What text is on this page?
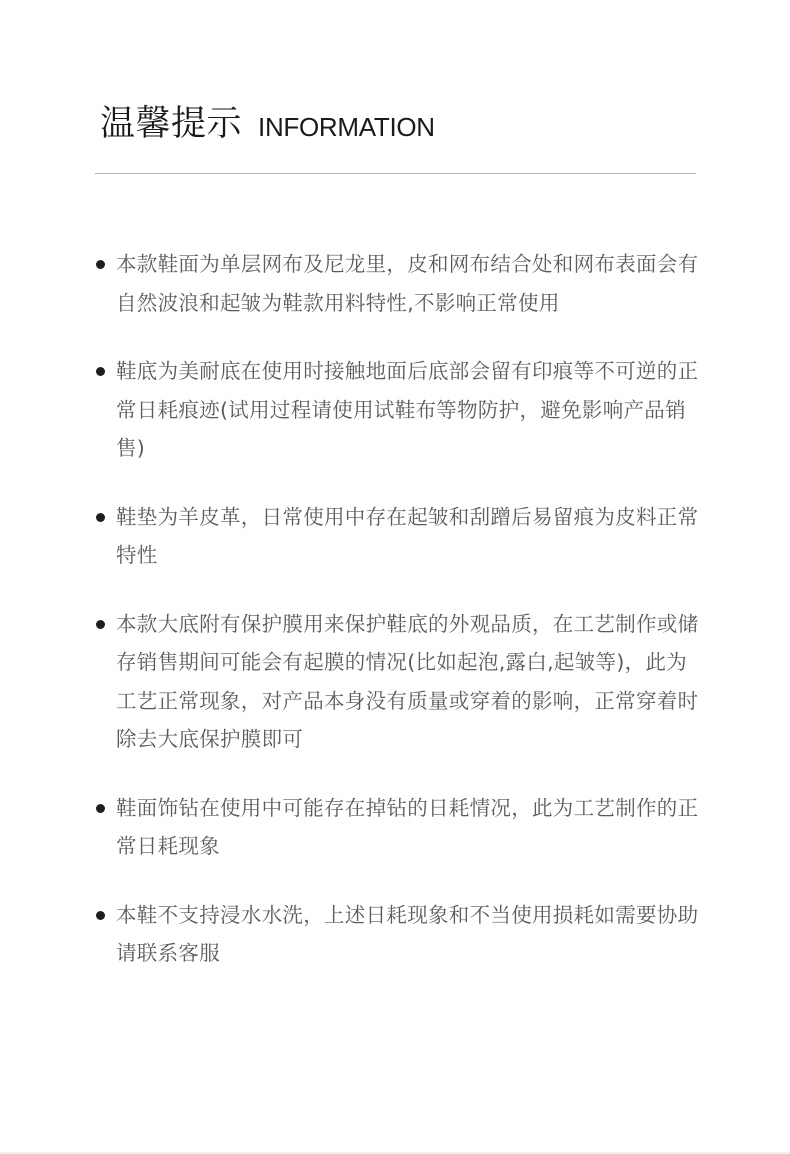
温馨提示 INFORMATION
本款鞋面为单层网布及尼龙里，皮和网布结合处和网布表面会有自然波浪和起皱为鞋款用料特性,不影响正常使用
鞋底为美耐底在使用时接触地面后底部会留有印痕等不可逆的正常日耗痕迹(试用过程请使用试鞋布等物防护，避免影响产品销售)
鞋垫为羊皮革，日常使用中存在起皱和刮蹭后易留痕为皮料正常特性
本款大底附有保护膜用来保护鞋底的外观品质，在工艺制作或储存销售期间可能会有起膜的情况(比如起泡,露白,起皱等)，此为工艺正常现象，对产品本身没有质量或穿着的影响，正常穿着时除去大底保护膜即可
鞋面饰钻在使用中可能存在掉钻的日耗情况，此为工艺制作的正常日耗现象
本鞋不支持浸水水洗，上述日耗现象和不当使用损耗如需要协助请联系客服
